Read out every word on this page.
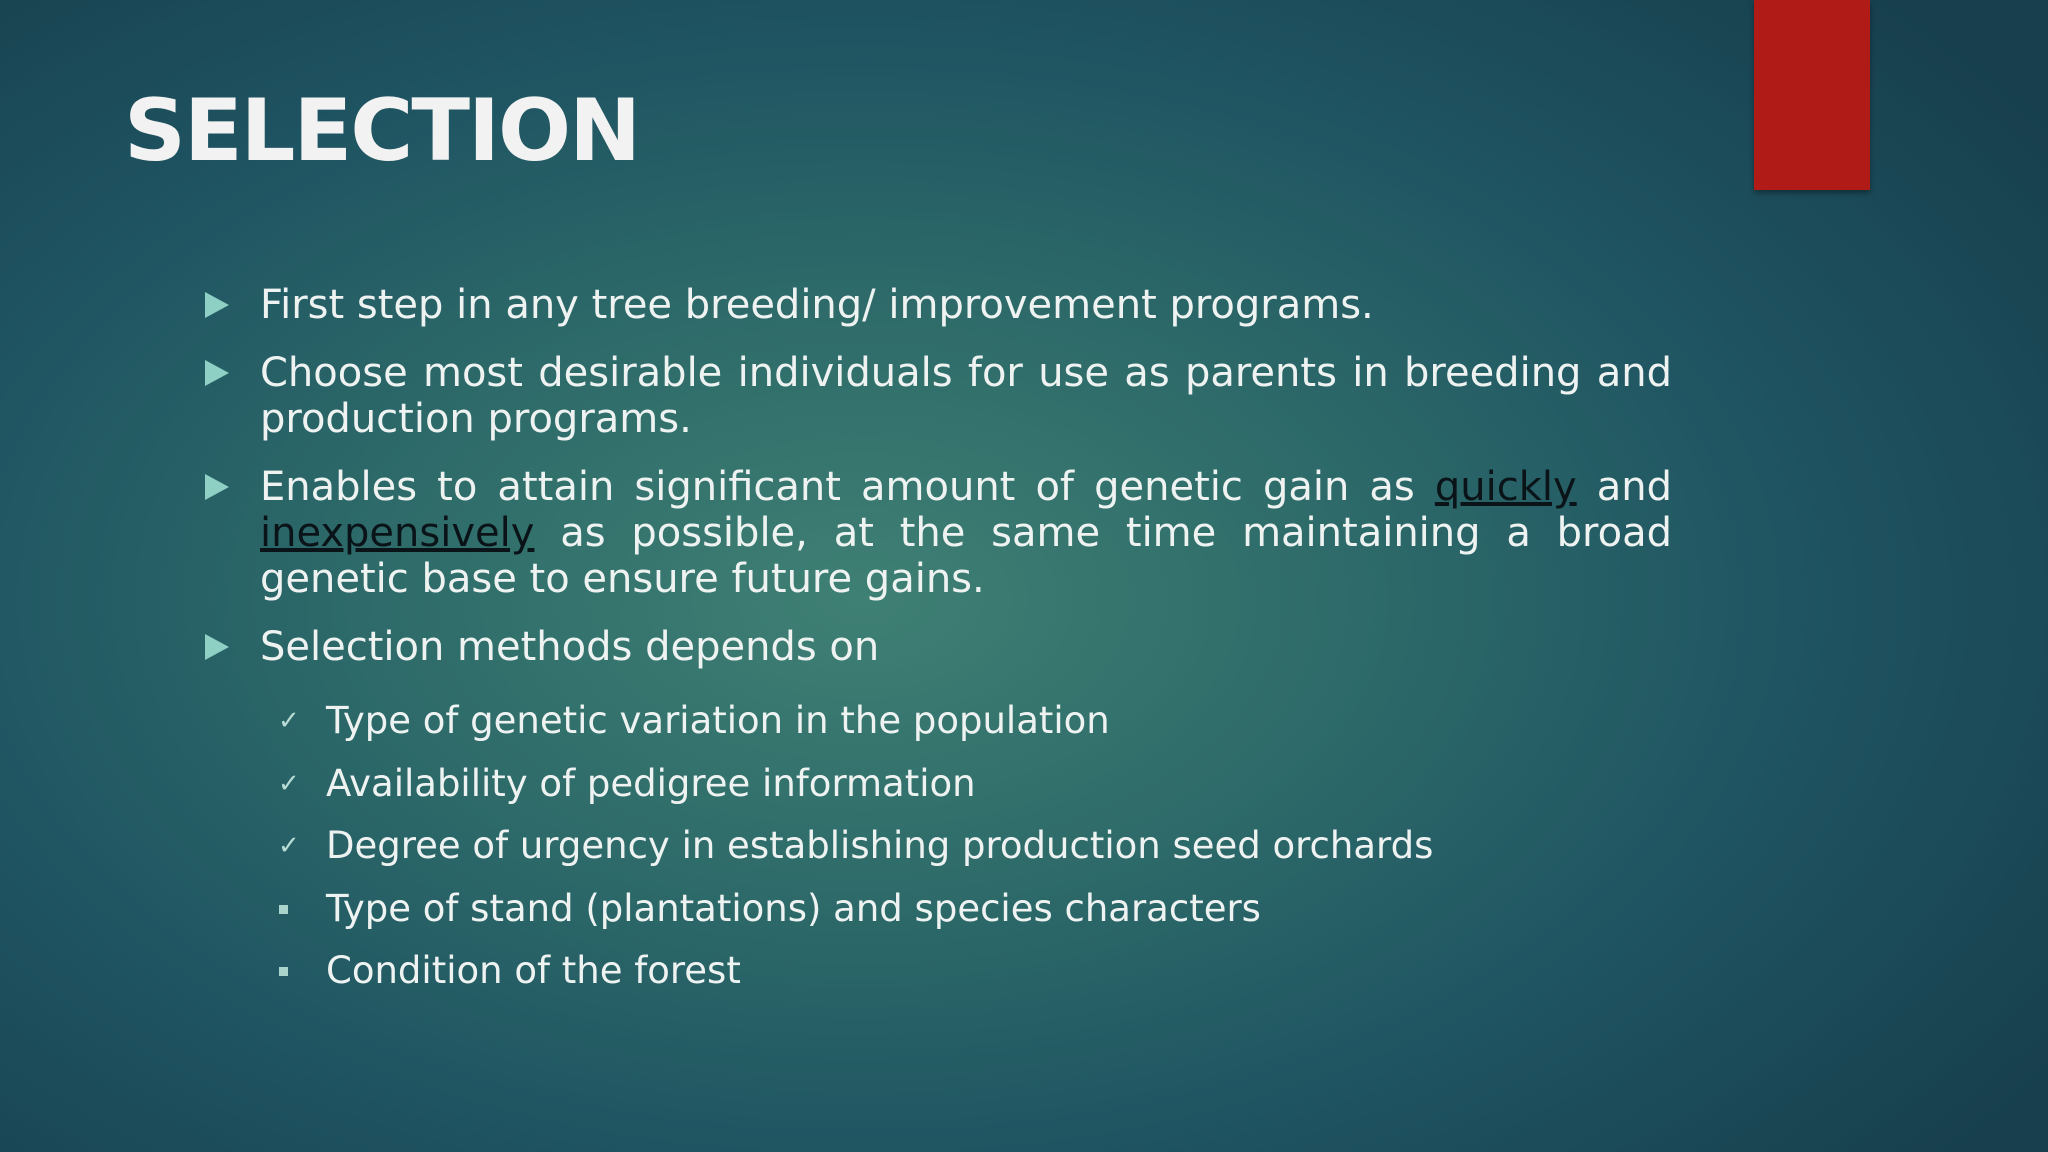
SELECTION
First step in any tree breeding/ improvement programs.
Choose most desirable individuals for use as parents in breeding and production programs.
Enables to attain significant amount of genetic gain as quickly and inexpensively as possible, at the same time maintaining a broad genetic base to ensure future gains.
Selection methods depends on
✓ Type of genetic variation in the population
✓ Availability of pedigree information
✓ Degree of urgency in establishing production seed orchards
Type of stand (plantations) and species characters
Condition of the forest
